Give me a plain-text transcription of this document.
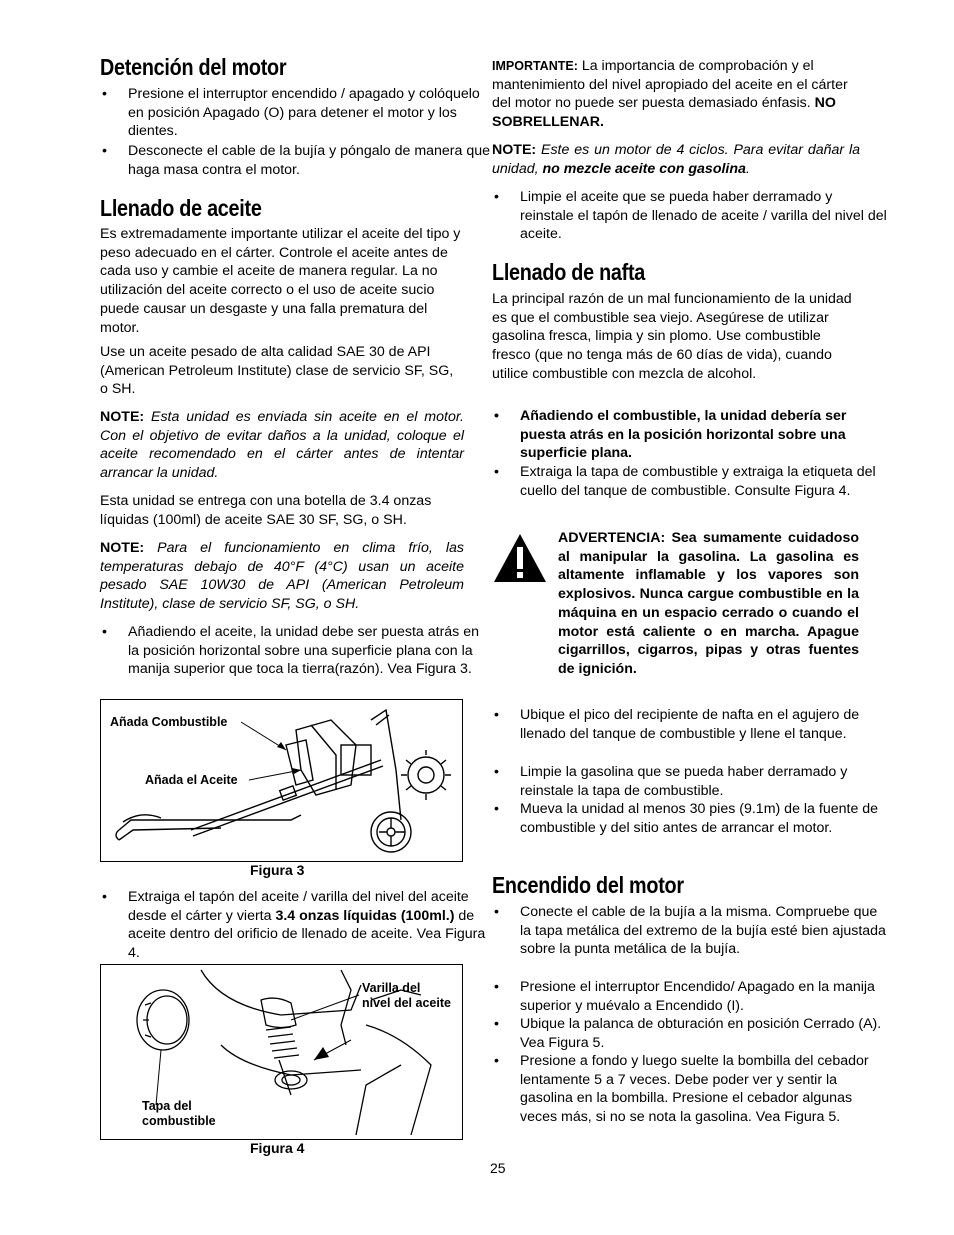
Detención del motor
• Presione el interruptor encendido / apagado y colóquelo en posición Apagado (O) para detener el motor y los dientes.
• Desconecte el cable de la bujía y póngalo de manera que haga masa contra el motor.
Llenado de aceite

Es extremadamente importante utilizar el aceite del tipo y peso adecuado en el cárter. Controle el aceite antes de cada uso y cambie el aceite de manera regular. La no utilización del aceite correcto o el uso de aceite sucio puede causar un desgaste y una falla prematura del motor.

Use un aceite pesado de alta calidad SAE 30 de API (American Petroleum Institute) clase de servicio SF, SG, o SH.

NOTE: Esta unidad es enviada sin aceite en el motor. Con el objetivo de evitar daños a la unidad, coloque el aceite recomendado en el cárter antes de intentar arrancar la unidad.

Esta unidad se entrega con una botella de 3.4 onzas líquidas (100ml) de aceite SAE 30 SF, SG, o SH.

NOTE: Para el funcionamiento en clima frío, las temperaturas debajo de 40°F (4°C) usan un aceite pesado SAE 10W30 de API (American Petroleum Institute), clase de servicio SF, SG, o SH.

• Añadiendo el aceite, la unidad debe ser puesta atrás en la posición horizontal sobre una superficie plana con la manija superior que toca la tierra(razón). Vea Figura 3.
Añada Combustible
Añada el Aceite
Figura 3
• Extraiga el tapón del aceite / varilla del nivel del aceite desde el cárter y vierta 3.4 onzas líquidas (100ml.) de aceite dentro del orificio de llenado de aceite. Vea Figura 4.
Varilla del
nivel del aceite
Tapa del
combustible
Figura 4

IMPORTANTE: La importancia de comprobación y el mantenimiento del nivel apropiado del aceite en el cárter del motor no puede ser puesta demasiado énfasis. NO SOBRELLENAR.

NOTE: Este es un motor de 4 ciclos. Para evitar dañar la unidad, no mezcle aceite con gasolina.

• Limpie el aceite que se pueda haber derramado y reinstale el tapón de llenado de aceite / varilla del nivel del aceite.
Llenado de nafta

La principal razón de un mal funcionamiento de la unidad es que el combustible sea viejo. Asegúrese de utilizar gasolina fresca, limpia y sin plomo. Use combustible fresco (que no tenga más de 60 días de vida), cuando utilice combustible con mezcla de alcohol.

• Añadiendo el combustible, la unidad debería ser puesta atrás en la posición horizontal sobre una superficie plana.
• Extraiga la tapa de combustible y extraiga la etiqueta del cuello del tanque de combustible. Consulte Figura 4.
ADVERTENCIA: Sea sumamente cuidadoso al manipular la gasolina. La gasolina es altamente inflamable y los vapores son explosivos. Nunca cargue combustible en la máquina en un espacio cerrado o cuando el motor está caliente o en marcha. Apague cigarrillos, cigarros, pipas y otras fuentes de ignición.
• Ubique el pico del recipiente de nafta en el agujero de llenado del tanque de combustible y llene el tanque.
• Limpie la gasolina que se pueda haber derramado y reinstale la tapa de combustible.
• Mueva la unidad al menos 30 pies (9.1m) de la fuente de combustible y del sitio antes de arrancar el motor.
Encendido del motor
• Conecte el cable de la bujía a la misma. Compruebe que la tapa metálica del extremo de la bujía esté bien ajustada sobre la punta metálica de la bujía.
• Presione el interruptor Encendido/ Apagado en la manija superior y muévalo a Encendido (I).
• Ubique la palanca de obturación en posición Cerrado (A). Vea Figura 5.
• Presione a fondo y luego suelte la bombilla del cebador lentamente 5 a 7 veces. Debe poder ver y sentir la gasolina en la bombilla. Presione el cebador algunas veces más, si no se nota la gasolina. Vea Figura 5.
25
